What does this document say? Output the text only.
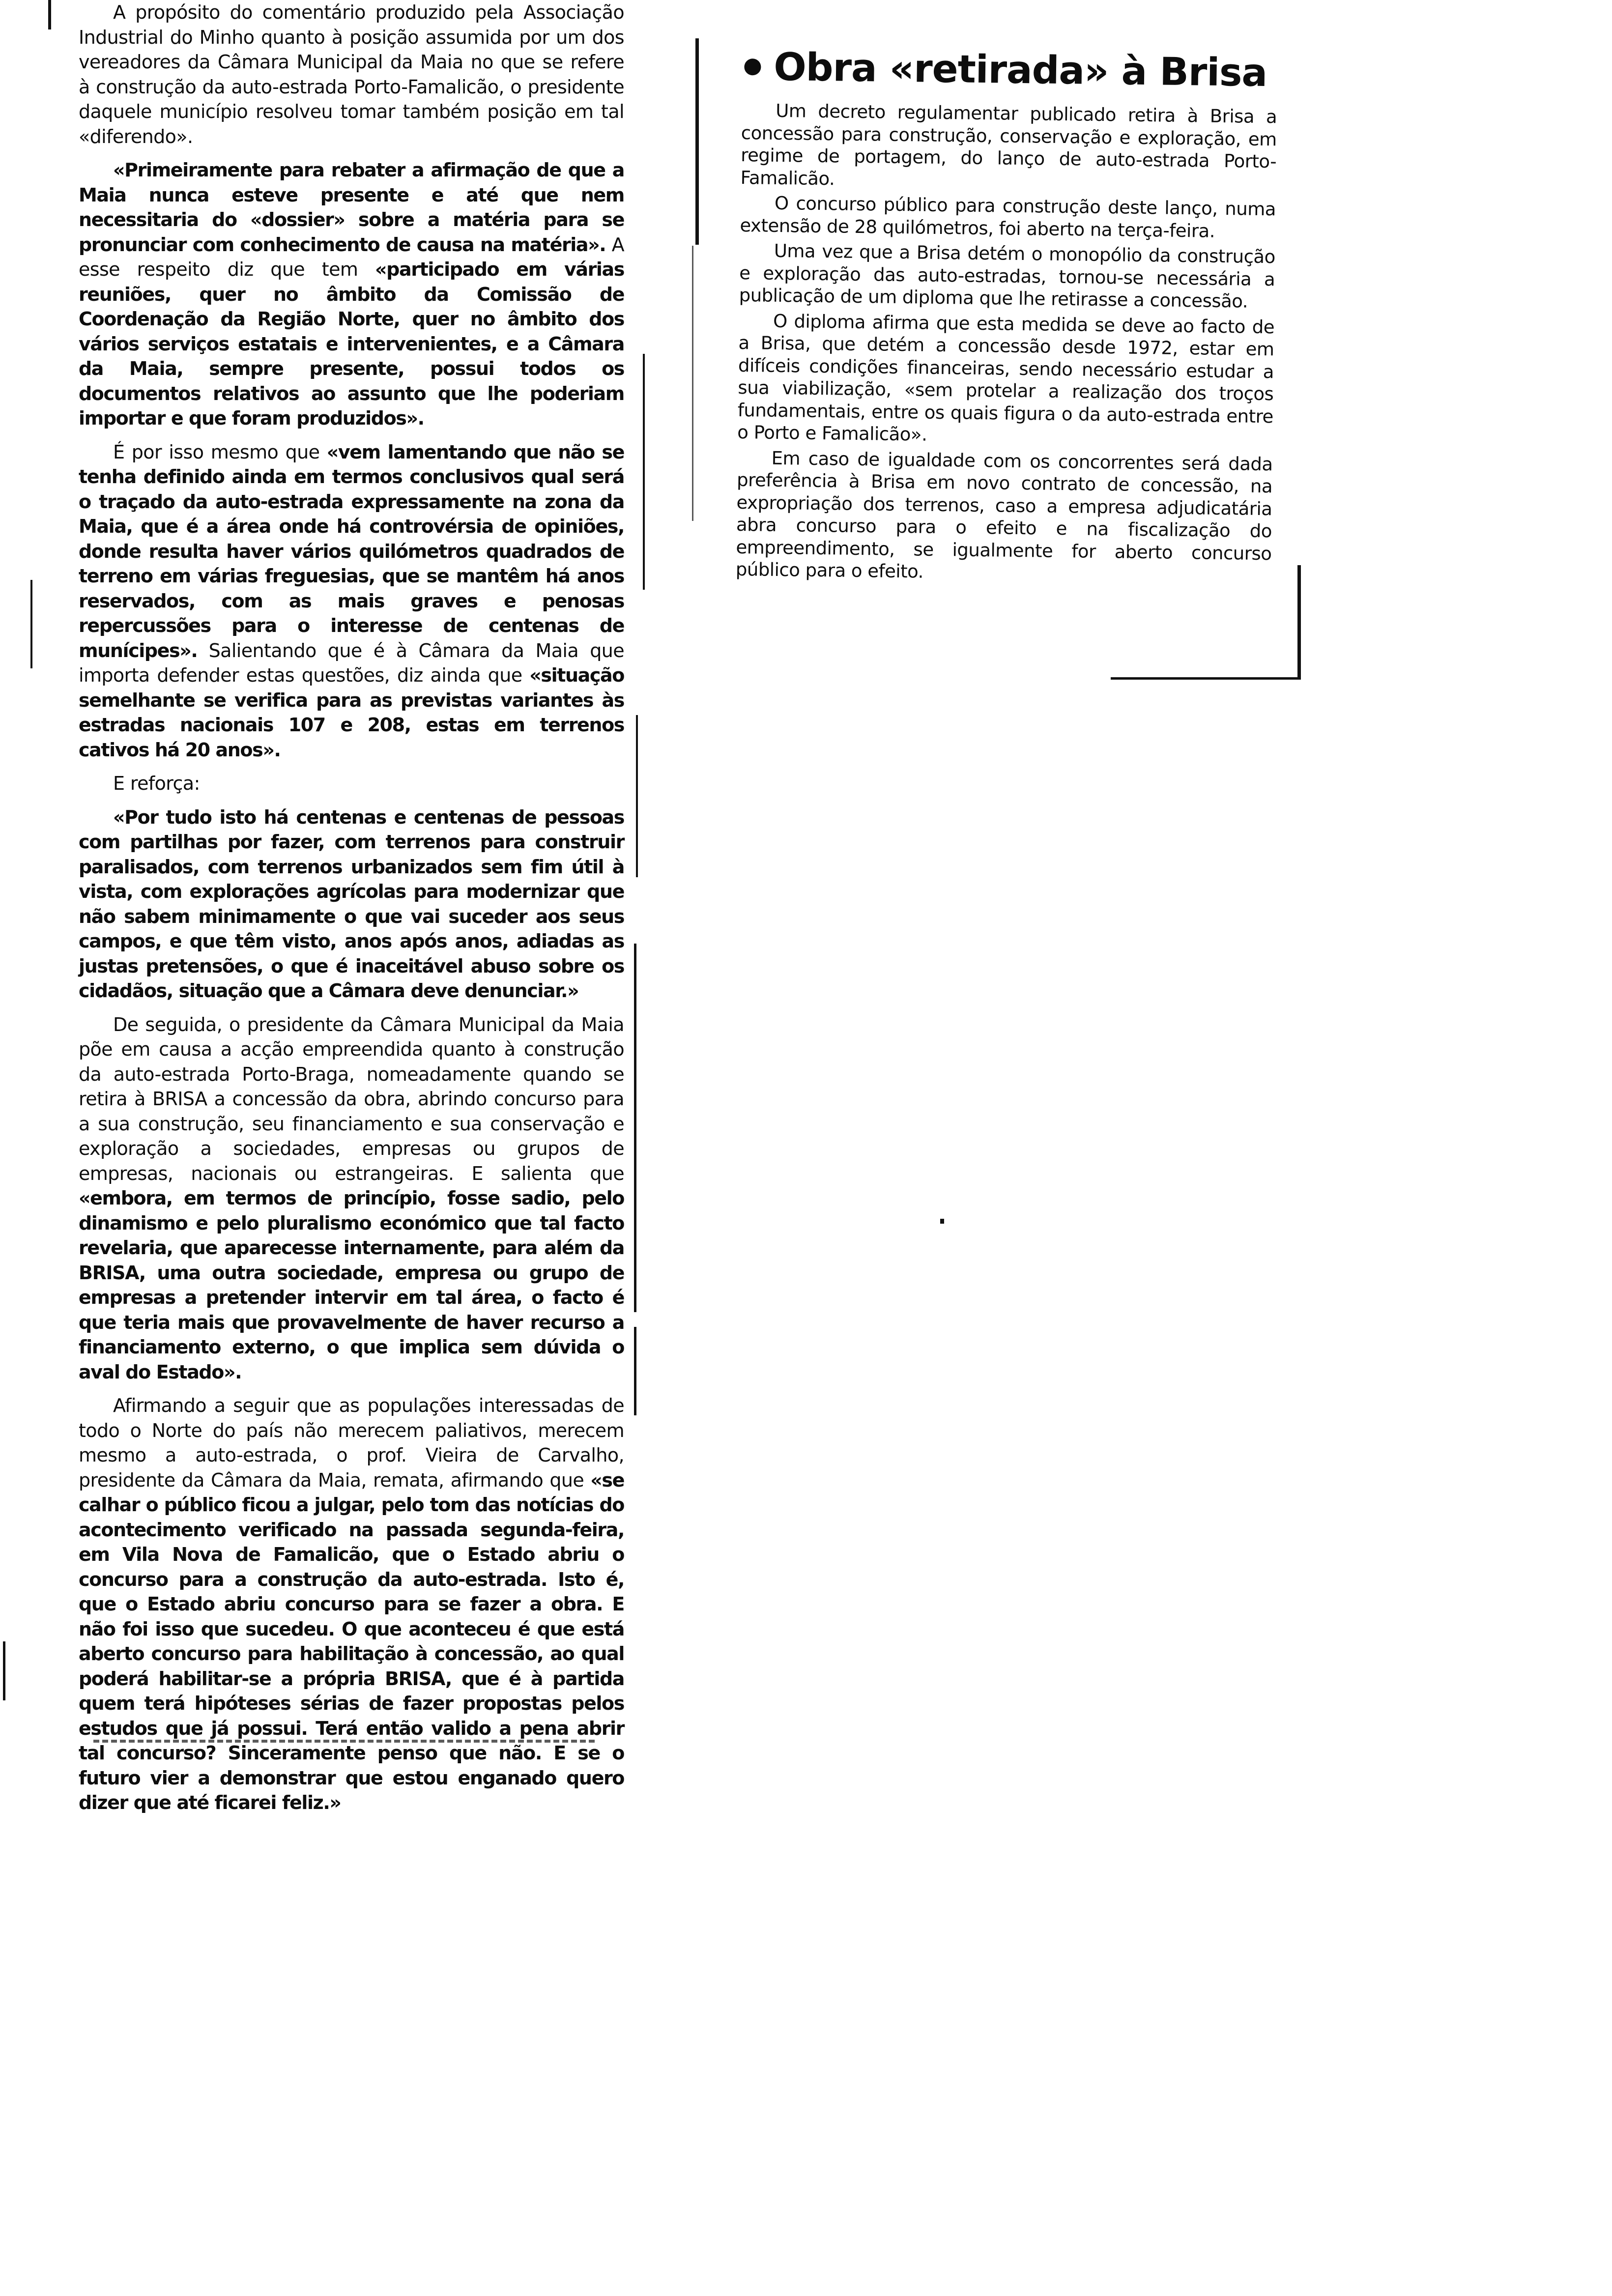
A propósito do comentário produzido pela Associação Industrial do Minho quanto à posição assumida por um dos vereadores da Câmara Municipal da Maia no que se refere à construção da auto-estrada Porto-Famalicão, o presidente daquele município resolveu tomar também posição em tal «diferendo».

«Primeiramente para rebater a afirmação de que a Maia nunca esteve presente e até que nem necessitaria do «dossier» sobre a matéria para se pronunciar com conhecimento de causa na matéria». A esse respeito diz que tem «participado em várias reuniões, quer no âmbito da Comissão de Coordenação da Região Norte, quer no âmbito dos vários serviços estatais e intervenientes, e a Câmara da Maia, sempre presente, possui todos os documentos relativos ao assunto que lhe poderiam importar e que foram produzidos».

É por isso mesmo que «vem lamentando que não se tenha definido ainda em termos conclusivos qual será o traçado da auto-estrada expressamente na zona da Maia, que é a área onde há controvérsia de opiniões, donde resulta haver vários quilómetros quadrados de terreno em várias freguesias, que se mantêm há anos reservados, com as mais graves e penosas repercussões para o interesse de centenas de munícipes». Salientando que é à Câmara da Maia que importa defender estas questões, diz ainda que «situação semelhante se verifica para as previstas variantes às estradas nacionais 107 e 208, estas em terrenos cativos há 20 anos».

E reforça:

«Por tudo isto há centenas e centenas de pessoas com partilhas por fazer, com terrenos para construir paralisados, com terrenos urbanizados sem fim útil à vista, com explorações agrícolas para modernizar que não sabem minimamente o que vai suceder aos seus campos, e que têm visto, anos após anos, adiadas as justas pretensões, o que é inaceitável abuso sobre os cidadãos, situação que a Câmara deve denunciar.»

De seguida, o presidente da Câmara Municipal da Maia põe em causa a acção empreendida quanto à construção da auto-estrada Porto-Braga, nomeadamente quando se retira à BRISA a concessão da obra, abrindo concurso para a sua construção, seu financiamento e sua conservação e exploração a sociedades, empresas ou grupos de empresas, nacionais ou estrangeiras. E salienta que «embora, em termos de princípio, fosse sadio, pelo dinamismo e pelo pluralismo económico que tal facto revelaria, que aparecesse internamente, para além da BRISA, uma outra sociedade, empresa ou grupo de empresas a pretender intervir em tal área, o facto é que teria mais que provavelmente de haver recurso a financiamento externo, o que implica sem dúvida o aval do Estado».

Afirmando a seguir que as populações interessadas de todo o Norte do país não merecem paliativos, merecem mesmo a auto-estrada, o prof. Vieira de Carvalho, presidente da Câmara da Maia, remata, afirmando que «se calhar o público ficou a julgar, pelo tom das notícias do acontecimento verificado na passada segunda-feira, em Vila Nova de Famalicão, que o Estado abriu o concurso para a construção da auto-estrada. Isto é, que o Estado abriu concurso para se fazer a obra. E não foi isso que sucedeu. O que aconteceu é que está aberto concurso para habilitação à concessão, ao qual poderá habilitar-se a própria BRISA, que é à partida quem terá hipóteses sérias de fazer propostas pelos estudos que já possui. Terá então valido a pena abrir tal concurso? Sinceramente penso que não. E se o futuro vier a demonstrar que estou enganado quero dizer que até ficarei feliz.»

Obra «retirada» à Brisa

Um decreto regulamentar publicado retira à Brisa a concessão para construção, conservação e exploração, em regime de portagem, do lanço de auto-estrada Porto-Famalicão.

O concurso público para construção deste lanço, numa extensão de 28 quilómetros, foi aberto na terça-feira.

Uma vez que a Brisa detém o monopólio da construção e exploração das auto-estradas, tornou-se necessária a publicação de um diploma que lhe retirasse a concessão.

O diploma afirma que esta medida se deve ao facto de a Brisa, que detém a concessão desde 1972, estar em difíceis condições financeiras, sendo necessário estudar a sua viabilização, «sem protelar a realização dos troços fundamentais, entre os quais figura o da auto-estrada entre o Porto e Famalicão».

Em caso de igualdade com os concorrentes será dada preferência à Brisa em novo contrato de concessão, na expropriação dos terrenos, caso a empresa adjudicatária abra concurso para o efeito e na fiscalização do empreendimento, se igualmente for aberto concurso público para o efeito.
